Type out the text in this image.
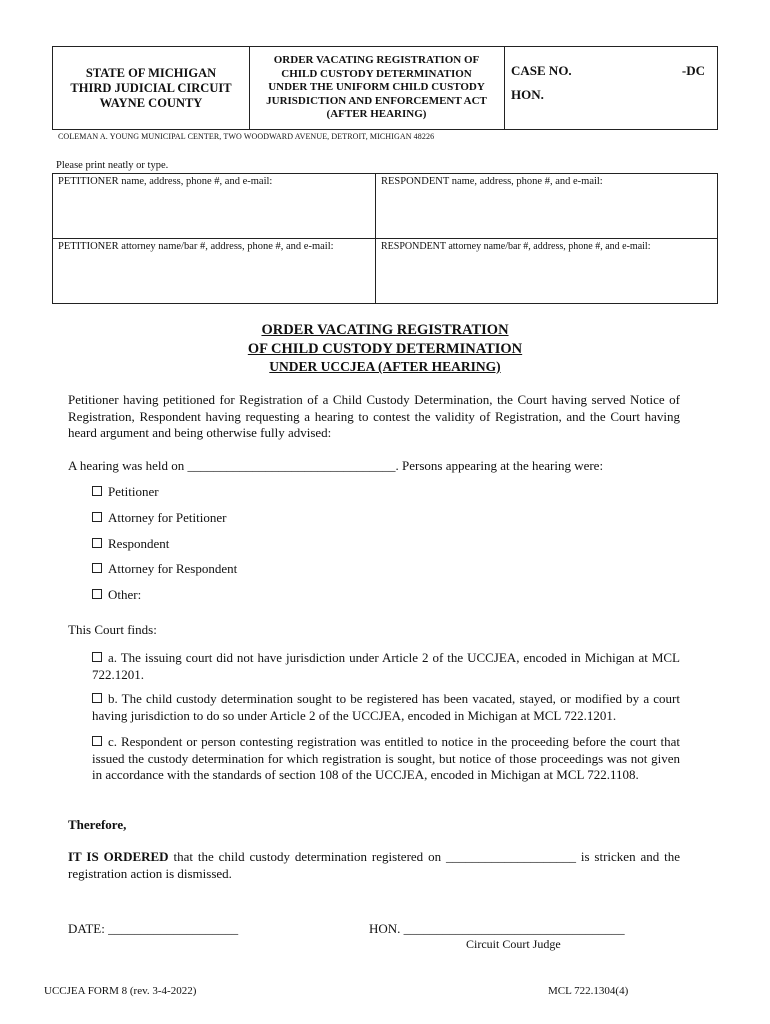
STATE OF MICHIGAN
THIRD JUDICIAL CIRCUIT
WAYNE COUNTY
ORDER VACATING REGISTRATION OF
CHILD CUSTODY DETERMINATION
UNDER THE UNIFORM CHILD CUSTODY
JURISDICTION AND ENFORCEMENT ACT
(AFTER HEARING)
CASE NO.	-DC
HON.
COLEMAN A. YOUNG MUNICIPAL CENTER, TWO WOODWARD AVENUE, DETROIT, MICHIGAN 48226
Please print neatly or type.
PETITIONER name, address, phone #, and e-mail:	RESPONDENT name, address, phone #, and e-mail:
PETITIONER attorney name/bar #, address, phone #, and e-mail:	RESPONDENT attorney name/bar #, address, phone #, and e-mail:
ORDER VACATING REGISTRATION
OF CHILD CUSTODY DETERMINATION
UNDER UCCJEA (AFTER HEARING)
Petitioner having petitioned for Registration of a Child Custody Determination, the Court having served Notice of Registration, Respondent having requesting a hearing to contest the validity of Registration, and the Court having heard argument and being otherwise fully advised:
A hearing was held on ________________________________. Persons appearing at the hearing were:
Petitioner
Attorney for Petitioner
Respondent
Attorney for Respondent
Other:
This Court finds:
a. The issuing court did not have jurisdiction under Article 2 of the UCCJEA, encoded in Michigan at MCL 722.1201.
b. The child custody determination sought to be registered has been vacated, stayed, or modified by a court having jurisdiction to do so under Article 2 of the UCCJEA, encoded in Michigan at MCL 722.1201.
c. Respondent or person contesting registration was entitled to notice in the proceeding before the court that issued the custody determination for which registration is sought, but notice of those proceedings was not given in accordance with the standards of section 108 of the UCCJEA, encoded in Michigan at MCL 722.1108.
Therefore,
IT IS ORDERED that the child custody determination registered on ____________________ is stricken and the registration action is dismissed.
DATE: ____________________	HON. __________________________________
Circuit Court Judge
UCCJEA FORM 8 (rev. 3-4-2022)	MCL 722.1304(4)
